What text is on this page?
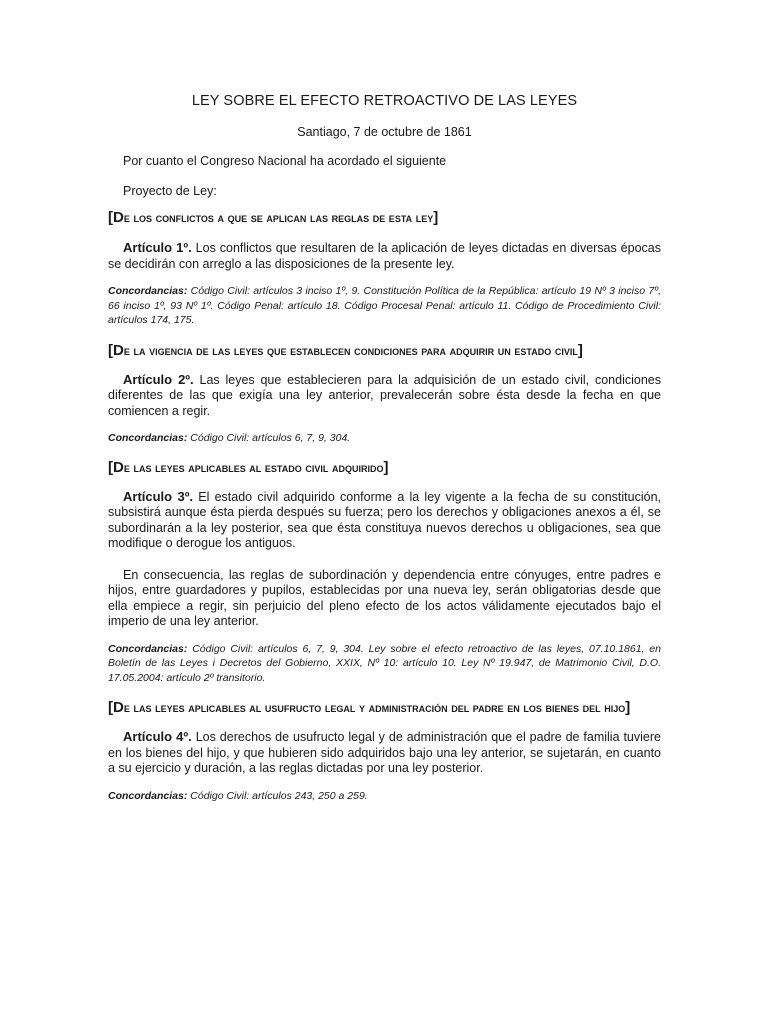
LEY SOBRE EL EFECTO RETROACTIVO DE LAS LEYES

Santiago, 7 de octubre de 1861

Por cuanto el Congreso Nacional ha acordado el siguiente

Proyecto de Ley:

[De los conflictos a que se aplican las reglas de esta ley]

Artículo 1º. Los conflictos que resultaren de la aplicación de leyes dictadas en diversas épocas se decidirán con arreglo a las disposiciones de la presente ley.

Concordancias: Código Civil: artículos 3 inciso 1º, 9. Constitución Política de la República: artículo 19 Nº 3 inciso 7º, 66 inciso 1º, 93 Nº 1º. Código Penal: artículo 18. Código Procesal Penal: artículo 11. Código de Procedimiento Civil: artículos 174, 175.

[De la vigencia de las leyes que establecen condiciones para adquirir un estado civil]

Artículo 2º. Las leyes que establecieren para la adquisición de un estado civil, condiciones diferentes de las que exigía una ley anterior, prevalecerán sobre ésta desde la fecha en que comiencen a regir.

Concordancias: Código Civil: artículos 6, 7, 9, 304.

[De las leyes aplicables al estado civil adquirido]

Artículo 3º. El estado civil adquirido conforme a la ley vigente a la fecha de su constitución, subsistirá aunque ésta pierda después su fuerza; pero los derechos y obligaciones anexos a él, se subordinarán a la ley posterior, sea que ésta constituya nuevos derechos u obligaciones, sea que modifique o derogue los antiguos.

En consecuencia, las reglas de subordinación y dependencia entre cónyuges, entre padres e hijos, entre guardadores y pupilos, establecidas por una nueva ley, serán obligatorias desde que ella empiece a regir, sin perjuicio del pleno efecto de los actos válidamente ejecutados bajo el imperio de una ley anterior.

Concordancias: Código Civil: artículos 6, 7, 9, 304. Ley sobre el efecto retroactivo de las leyes, 07.10.1861, en Boletín de las Leyes i Decretos del Gobierno, XXIX, Nº 10: artículo 10. Ley Nº 19.947, de Matrimonio Civil, D.O. 17.05.2004: artículo 2º transitorio.

[De las leyes aplicables al usufructo legal y administración del padre en los bienes del hijo]

Artículo 4º. Los derechos de usufructo legal y de administración que el padre de familia tuviere en los bienes del hijo, y que hubieren sido adquiridos bajo una ley anterior, se sujetarán, en cuanto a su ejercicio y duración, a las reglas dictadas por una ley posterior.

Concordancias: Código Civil: artículos 243, 250 a 259.
